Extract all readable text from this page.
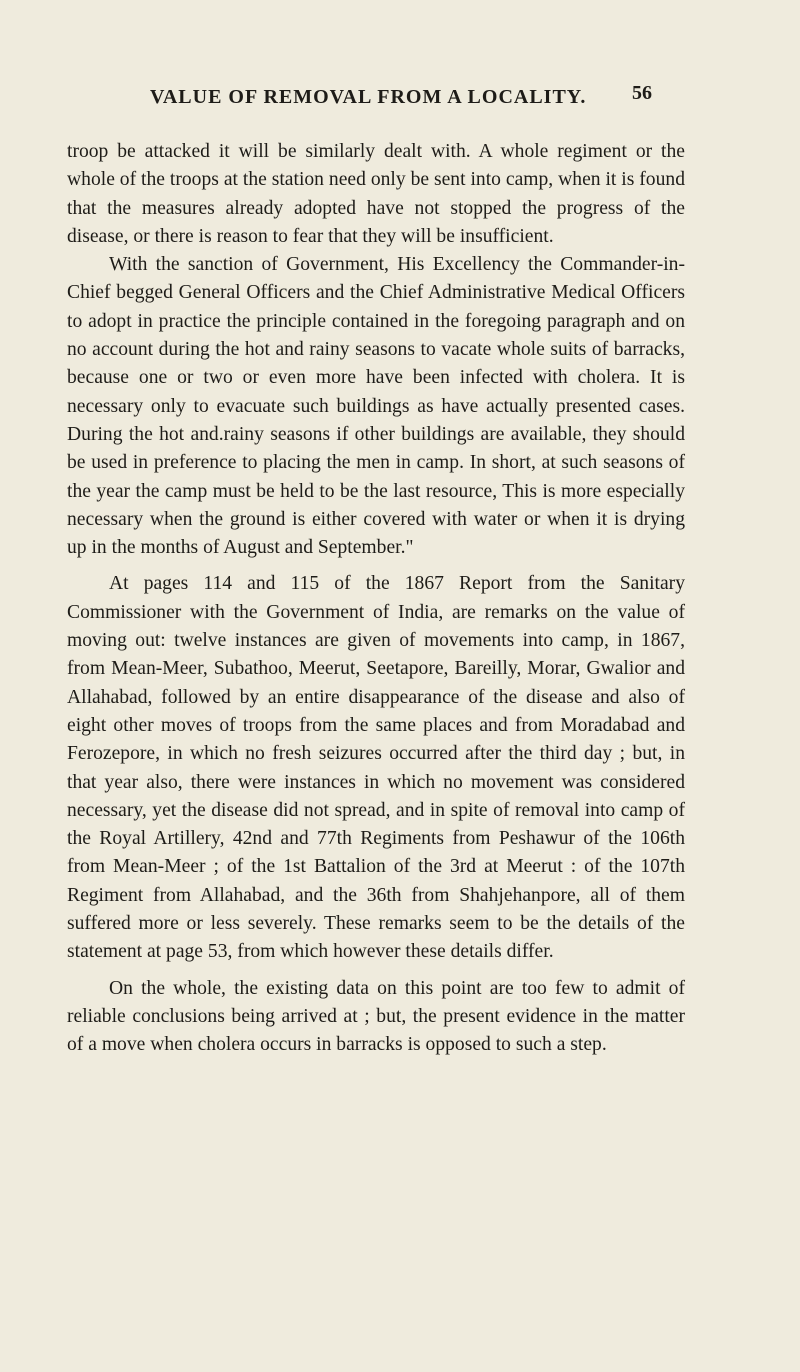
VALUE OF REMOVAL FROM A LOCALITY. 56

troop be attacked it will be similarly dealt with. A whole regiment or the whole of the troops at the station need only be sent into camp, when it is found that the measures already adopted have not stopped the progress of the disease, or there is reason to fear that they will be insufficient.

With the sanction of Government, His Excellency the Commander-in-Chief begged General Officers and the Chief Administrative Medical Officers to adopt in practice the principle contained in the foregoing paragraph and on no account during the hot and rainy seasons to vacate whole suits of barracks, because one or two or even more have been infected with cholera. It is necessary only to evacuate such buildings as have actually presented cases. During the hot and.rainy seasons if other buildings are available, they should be used in preference to placing the men in camp. In short, at such seasons of the year the camp must be held to be the last resource, This is more especially necessary when the ground is either covered with water or when it is drying up in the months of August and September."

At pages 114 and 115 of the 1867 Report from the Sanitary Commissioner with the Government of India, are remarks on the value of moving out: twelve instances are given of movements into camp, in 1867, from Mean-Meer, Subathoo, Meerut, Seetapore, Bareilly, Morar, Gwalior and Allahabad, followed by an entire disappearance of the disease and also of eight other moves of troops from the same places and from Moradabad and Ferozepore, in which no fresh seizures occurred after the third day ; but, in that year also, there were instances in which no movement was considered necessary, yet the disease did not spread, and in spite of removal into camp of the Royal Artillery, 42nd and 77th Regiments from Peshawur of the 106th from Mean-Meer ; of the 1st Battalion of the 3rd at Meerut : of the 107th Regiment from Allahabad, and the 36th from Shahjehanpore, all of them suffered more or less severely. These remarks seem to be the details of the statement at page 53, from which however these details differ.

On the whole, the existing data on this point are too few to admit of reliable conclusions being arrived at ; but, the present evidence in the matter of a move when cholera occurs in barracks is opposed to such a step.
